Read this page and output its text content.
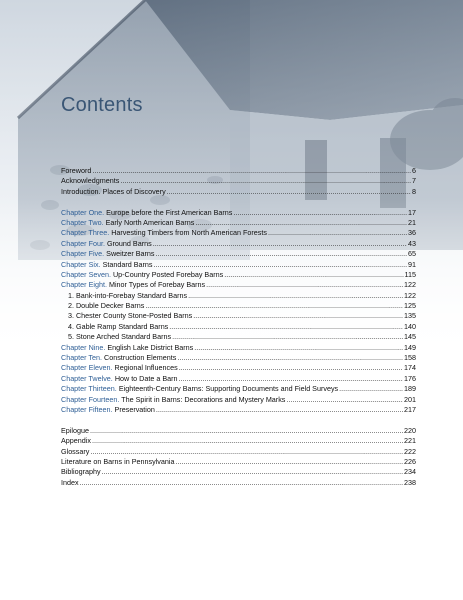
Contents
Foreword .....	6
Acknowledgments .....	7
Introduction. Places of Discovery .....	8
Chapter One. Europe before the First American Barns .....	17
Chapter Two. Early North American Barns .....	21
Chapter Three. Harvesting Timbers from North American Forests .....	36
Chapter Four. Ground Barns .....	43
Chapter Five. Sweitzer Barns .....	65
Chapter Six. Standard Barns .....	91
Chapter Seven. Up-Country Posted Forebay Barns .....	115
Chapter Eight. Minor Types of Forebay Barns .....	122
1. Bank-into-Forebay Standard Barns .....	122
2. Double Decker Barns .....	125
3. Chester County Stone-Posted Barns .....	135
4. Gable Ramp Standard Barns .....	140
5. Stone Arched Standard Barns .....	145
Chapter Nine. English Lake District Barns .....	149
Chapter Ten. Construction Elements .....	158
Chapter Eleven. Regional Influences .....	174
Chapter Twelve. How to Date a Barn .....	176
Chapter Thirteen. Eighteenth-Century Barns: Supporting Documents and Field Surveys .....	189
Chapter Fourteen. The Spirit in Barns: Decorations and Mystery Marks .....	201
Chapter Fifteen. Preservation .....	217
Epilogue .....	220
Appendix .....	221
Glossary .....	222
Literature on Barns in Pennsylvania .....	226
Bibliography .....	234
Index .....	238
